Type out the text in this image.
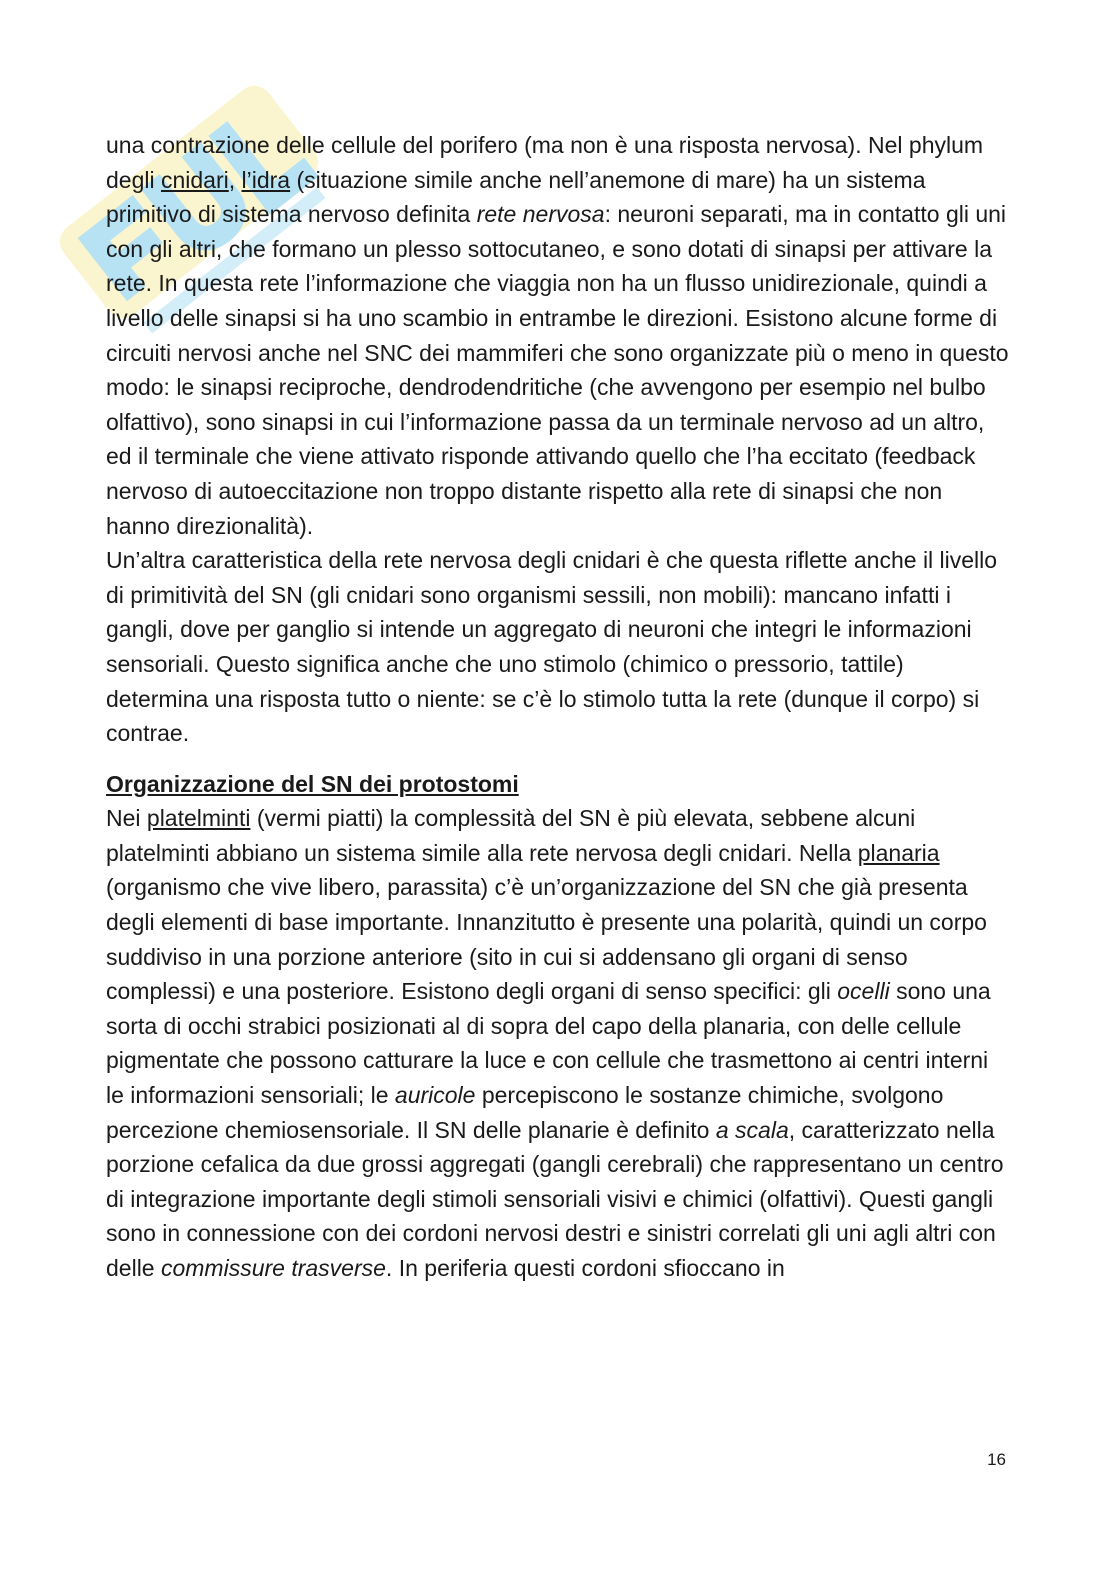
una contrazione delle cellule del porifero (ma non è una risposta nervosa). Nel phylum degli cnidari, l’idra (situazione simile anche nell’anemone di mare) ha un sistema primitivo di sistema nervoso definita rete nervosa: neuroni separati, ma in contatto gli uni con gli altri, che formano un plesso sottocutaneo, e sono dotati di sinapsi per attivare la rete. In questa rete l’informazione che viaggia non ha un flusso unidirezionale, quindi a livello delle sinapsi si ha uno scambio in entrambe le direzioni. Esistono alcune forme di circuiti nervosi anche nel SNC dei mammiferi che sono organizzate più o meno in questo modo: le sinapsi reciproche, dendrodendritiche (che avvengono per esempio nel bulbo olfattivo), sono sinapsi in cui l’informazione passa da un terminale nervoso ad un altro, ed il terminale che viene attivato risponde attivando quello che l’ha eccitato (feedback nervoso di autoeccitazione non troppo distante rispetto alla rete di sinapsi che non hanno direzionalità).

Un’altra caratteristica della rete nervosa degli cnidari è che questa riflette anche il livello di primitività del SN (gli cnidari sono organismi sessili, non mobili): mancano infatti i gangli, dove per ganglio si intende un aggregato di neuroni che integri le informazioni sensoriali. Questo significa anche che uno stimolo (chimico o pressorio, tattile) determina una risposta tutto o niente: se c’è lo stimolo tutta la rete (dunque il corpo) si contrae.

Organizzazione del SN dei protostomi

Nei platelminti (vermi piatti) la complessità del SN è più elevata, sebbene alcuni platelminti abbiano un sistema simile alla rete nervosa degli cnidari. Nella planaria (organismo che vive libero, parassita) c’è un’organizzazione del SN che già presenta degli elementi di base importante. Innanzitutto è presente una polarità, quindi un corpo suddiviso in una porzione anteriore (sito in cui si addensano gli organi di senso complessi) e una posteriore. Esistono degli organi di senso specifici: gli ocelli sono una sorta di occhi strabici posizionati al di sopra del capo della planaria, con delle cellule pigmentate che possono catturare la luce e con cellule che trasmettono ai centri interni le informazioni sensoriali; le auricole percepiscono le sostanze chimiche, svolgono percezione chemiosensoriale. Il SN delle planarie è definito a scala, caratterizzato nella porzione cefalica da due grossi aggregati (gangli cerebrali) che rappresentano un centro di integrazione importante degli stimoli sensoriali visivi e chimici (olfattivi). Questi gangli sono in connessione con dei cordoni nervosi destri e sinistri correlati gli uni agli altri con delle commissure trasverse. In periferia questi cordoni sfioccano in

16
